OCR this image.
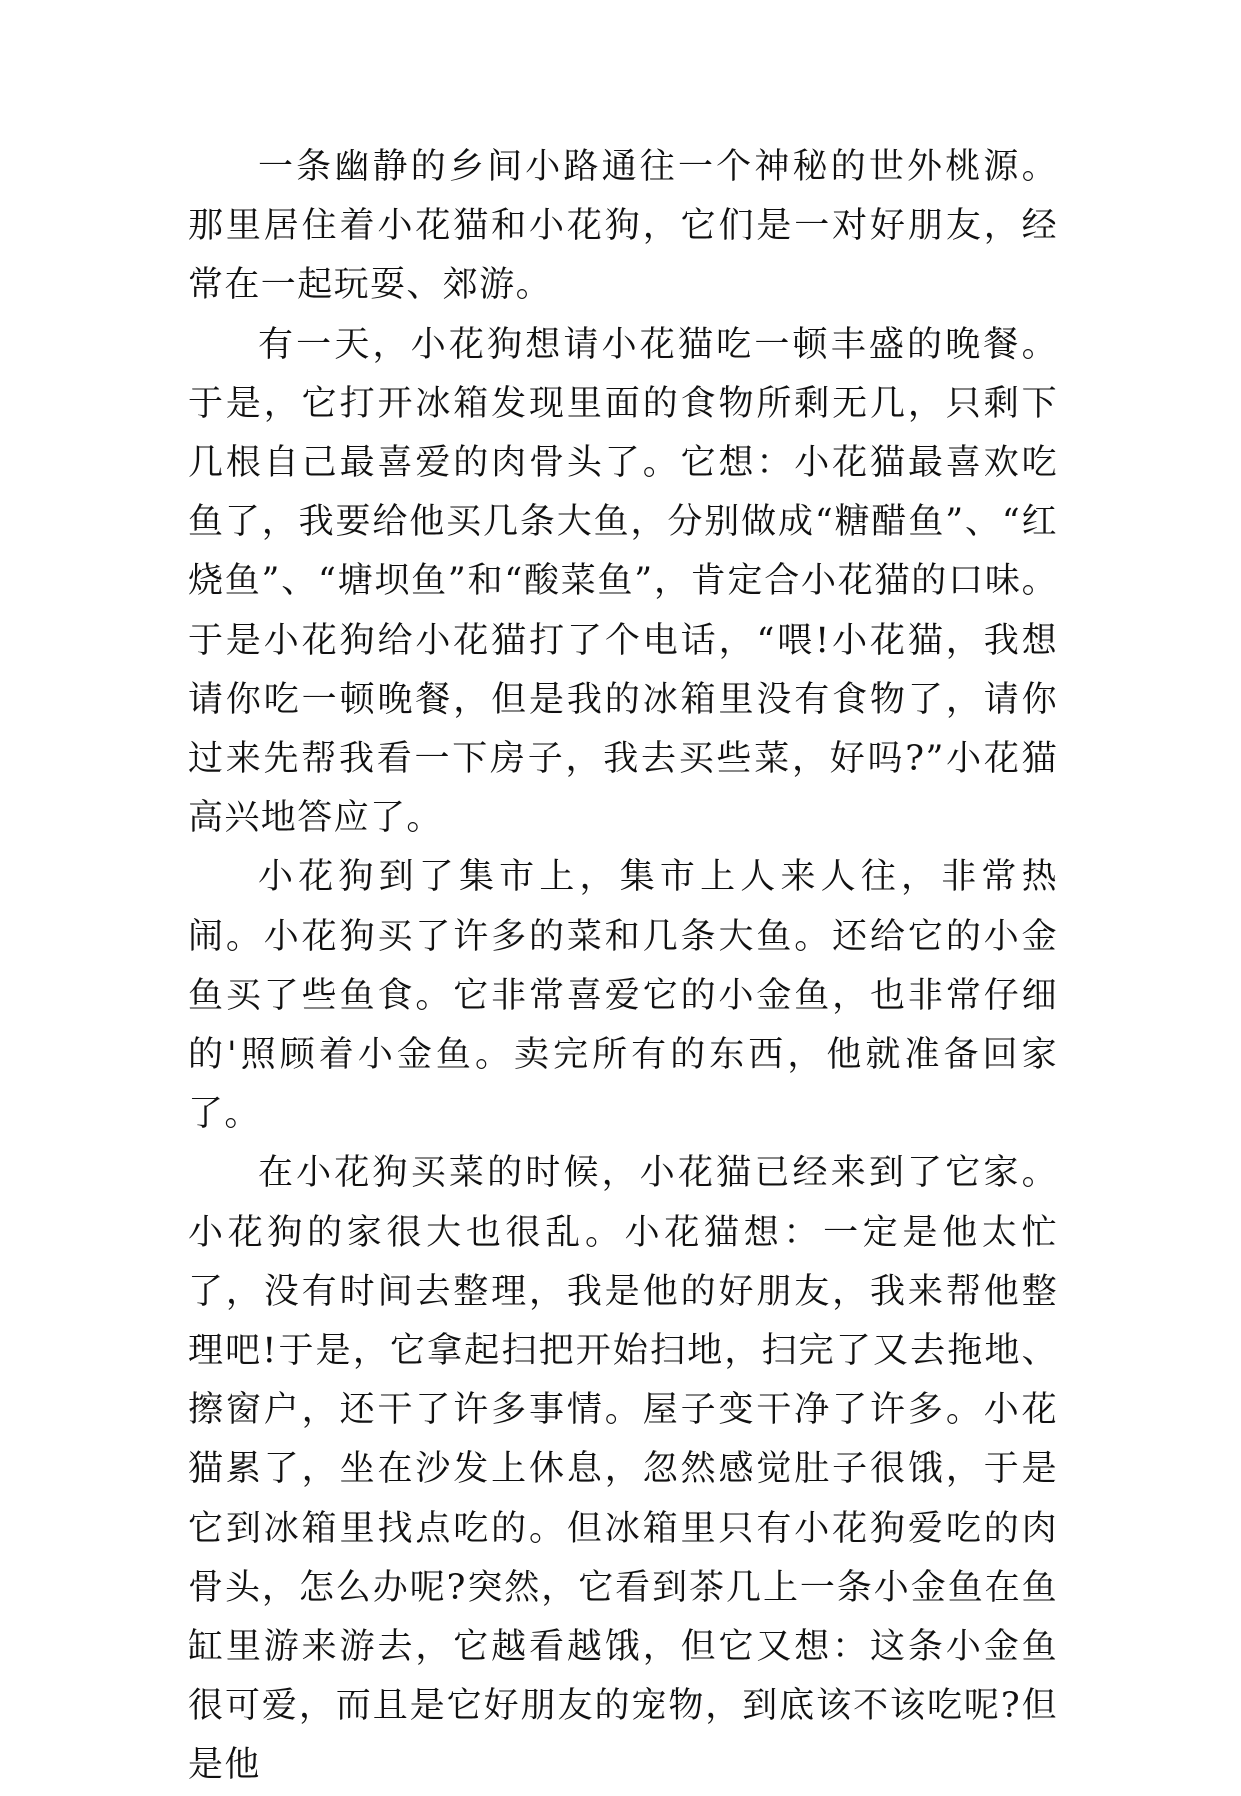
一条幽静的乡间小路通往一个神秘的世外桃源。那里居住着小花猫和小花狗，它们是一对好朋友，经常在一起玩耍、郊游。

有一天，小花狗想请小花猫吃一顿丰盛的晚餐。于是，它打开冰箱发现里面的食物所剩无几，只剩下几根自己最喜爱的肉骨头了。它想：小花猫最喜欢吃鱼了，我要给他买几条大鱼，分别做成“糖醋鱼”、“红烧鱼”、“塘坝鱼”和“酸菜鱼”，肯定合小花猫的口味。于是小花狗给小花猫打了个电话，“喂!小花猫，我想请你吃一顿晚餐，但是我的冰箱里没有食物了，请你过来先帮我看一下房子，我去买些菜，好吗?”小花猫高兴地答应了。

小花狗到了集市上，集市上人来人往，非常热闹。小花狗买了许多的菜和几条大鱼。还给它的小金鱼买了些鱼食。它非常喜爱它的小金鱼，也非常仔细的'照顾着小金鱼。卖完所有的东西，他就准备回家了。

在小花狗买菜的时候，小花猫已经来到了它家。小花狗的家很大也很乱。小花猫想：一定是他太忙了，没有时间去整理，我是他的好朋友，我来帮他整理吧!于是，它拿起扫把开始扫地，扫完了又去拖地、擦窗户，还干了许多事情。屋子变干净了许多。小花猫累了，坐在沙发上休息，忽然感觉肚子很饿，于是它到冰箱里找点吃的。但冰箱里只有小花狗爱吃的肉骨头，怎么办呢?突然，它看到茶几上一条小金鱼在鱼缸里游来游去，它越看越饿，但它又想：这条小金鱼很可爱，而且是它好朋友的宠物，到底该不该吃呢?但是他
